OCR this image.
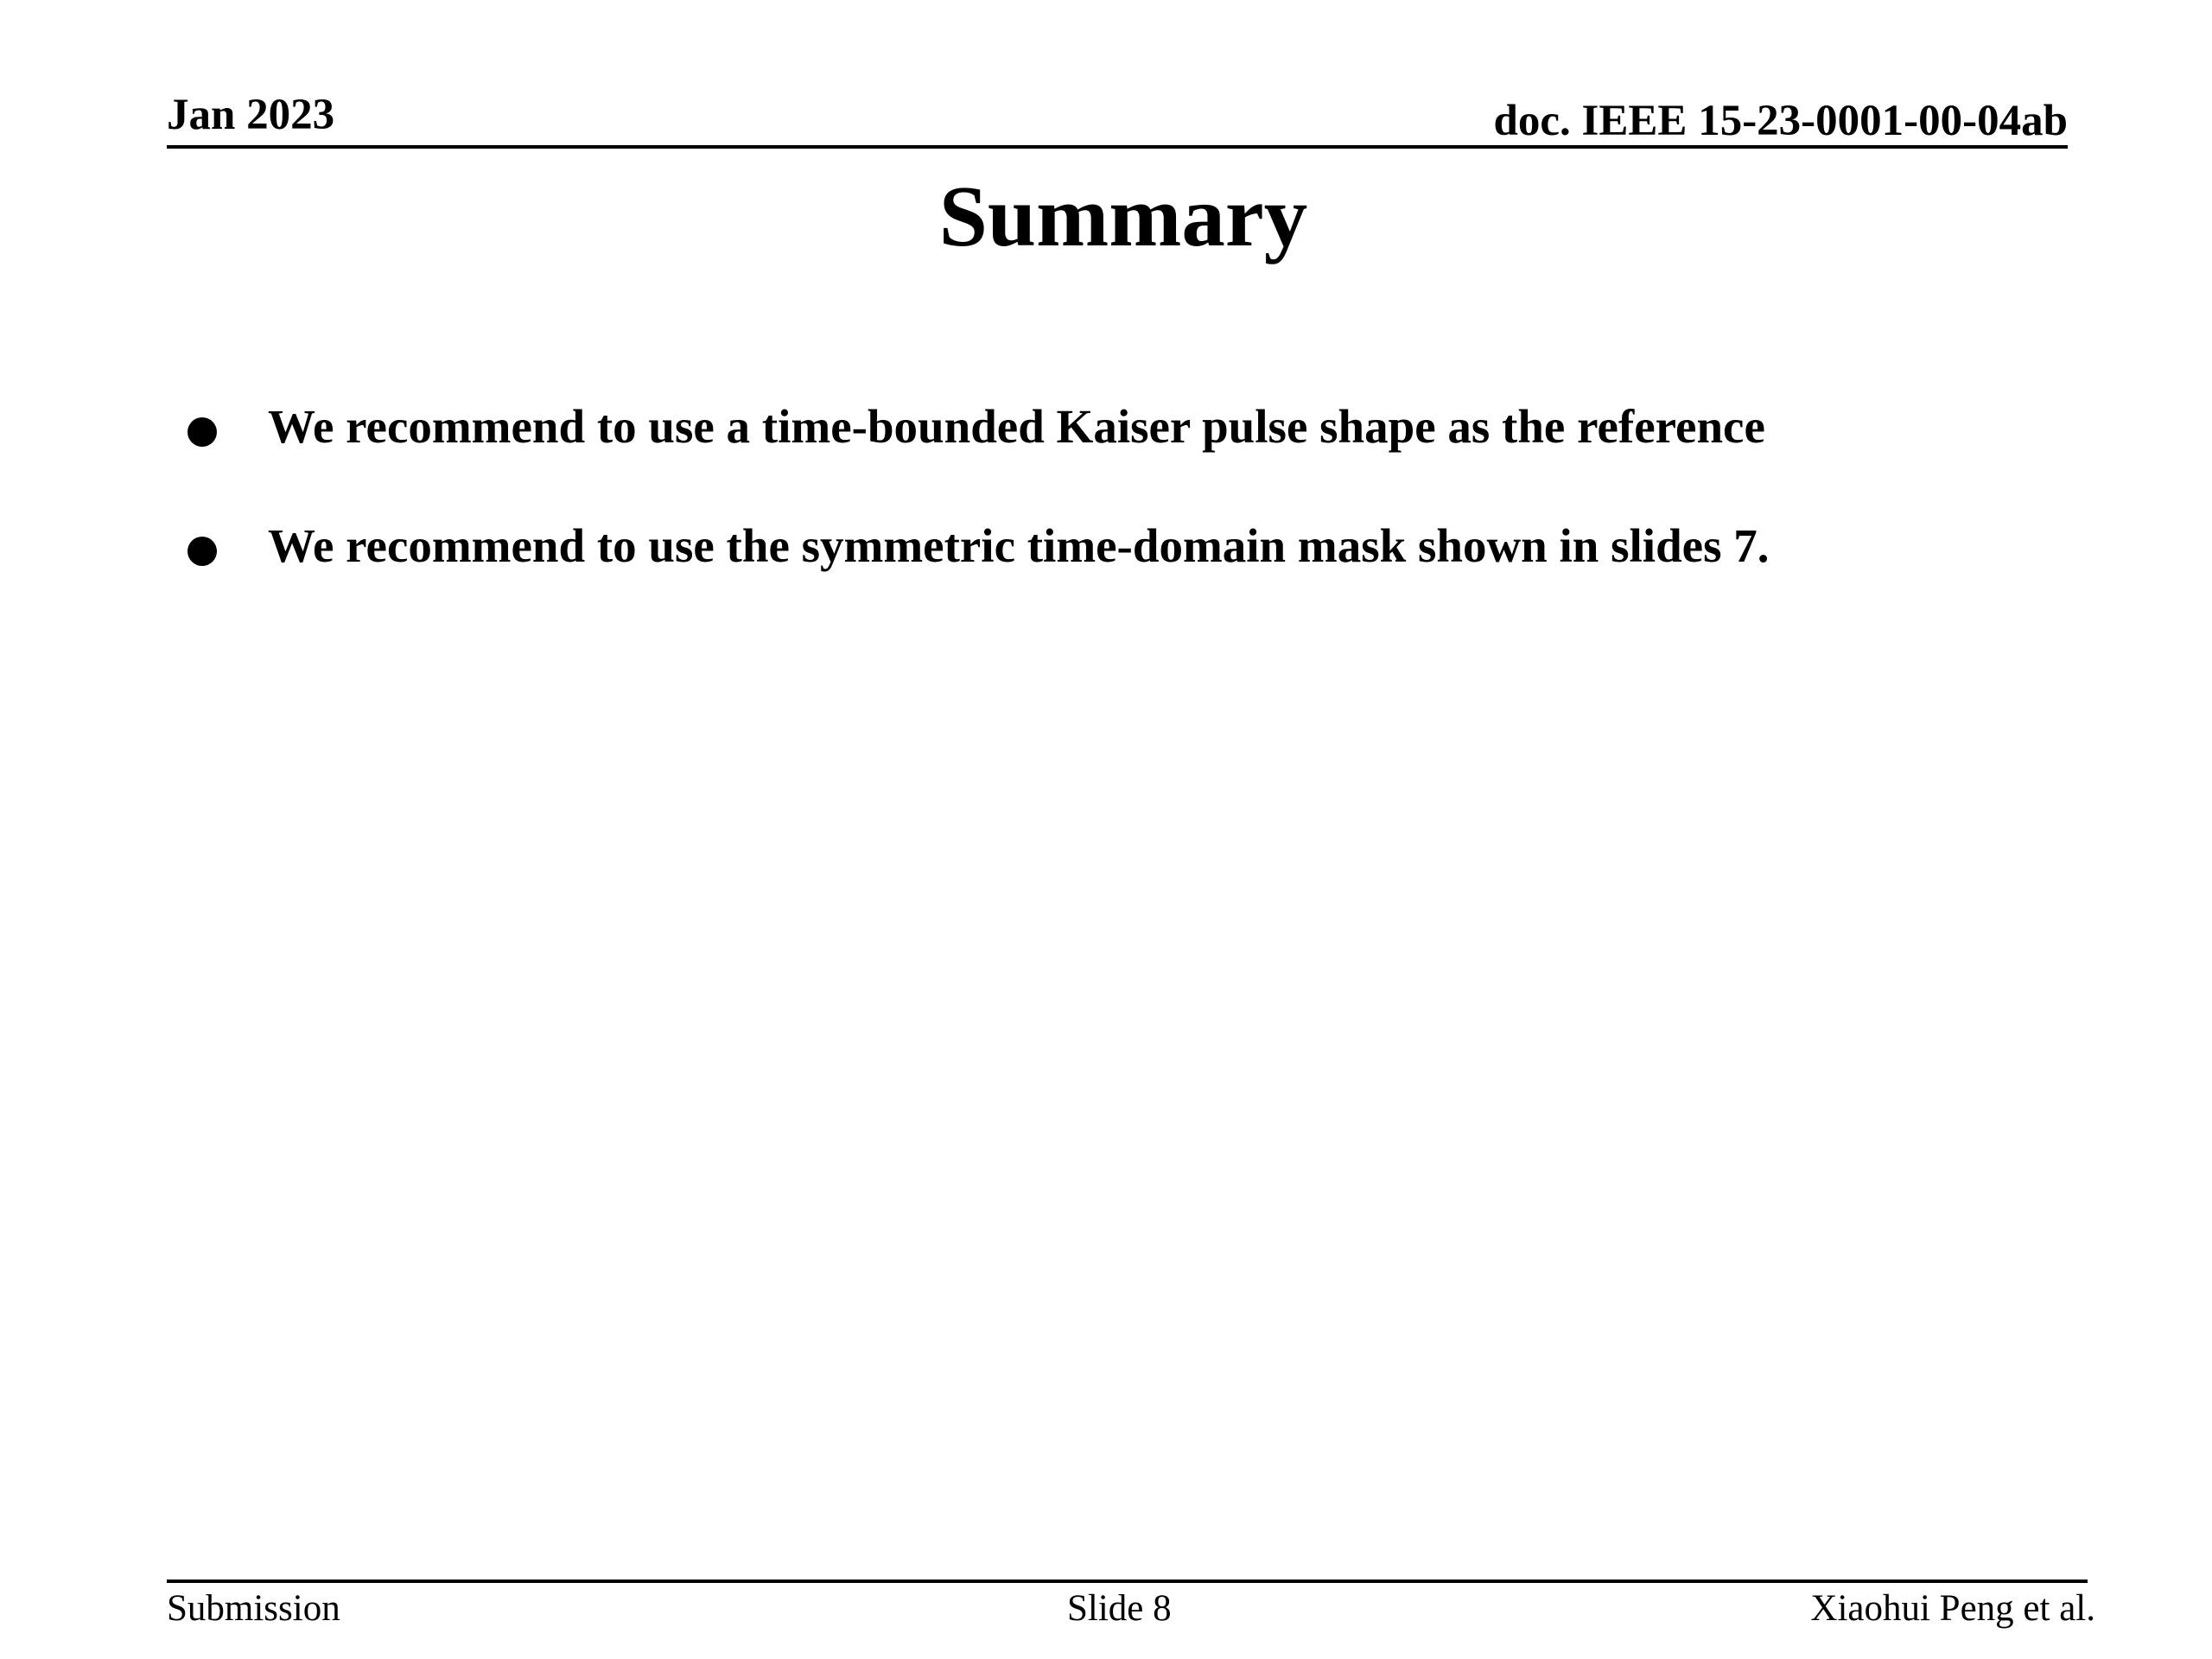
Jan 2023	doc. IEEE 15-23-0001-00-04ab
Summary
We recommend to use a time-bounded Kaiser pulse shape as the reference
We recommend to use the symmetric time-domain mask shown in slides 7.
Submission	Slide 8	Xiaohui Peng et al.
